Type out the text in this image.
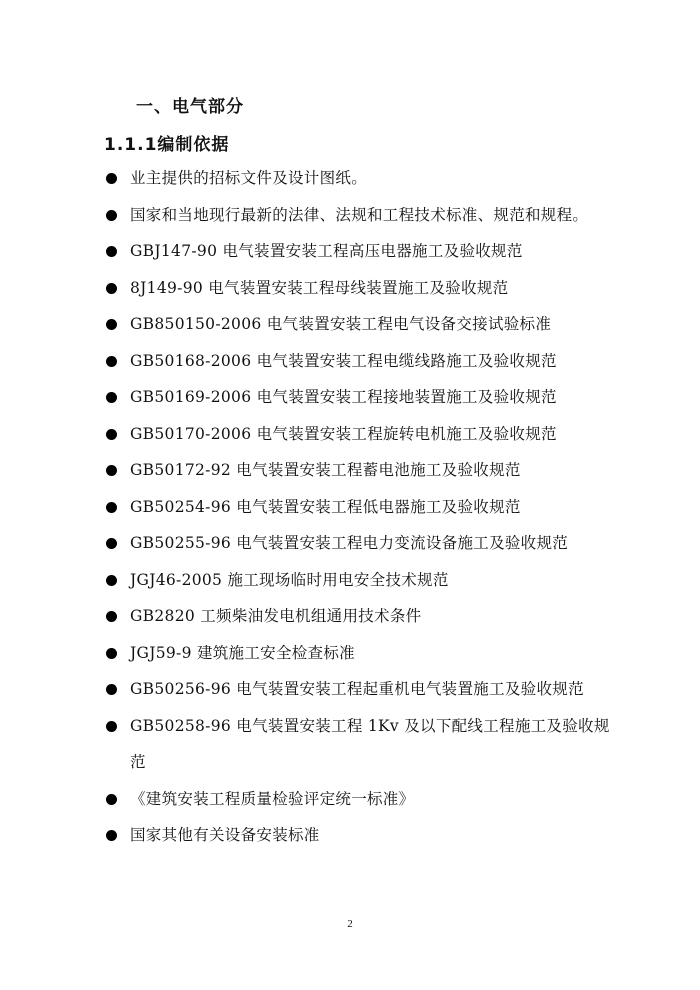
一、电气部分
1.1.1编制依据
业主提供的招标文件及设计图纸。
国家和当地现行最新的法律、法规和工程技术标准、规范和规程。
GBJ147-90 电气装置安装工程高压电器施工及验收规范
8J149-90 电气装置安装工程母线装置施工及验收规范
GB850150-2006 电气装置安装工程电气设备交接试验标准
GB50168-2006 电气装置安装工程电缆线路施工及验收规范
GB50169-2006 电气装置安装工程接地装置施工及验收规范
GB50170-2006 电气装置安装工程旋转电机施工及验收规范
GB50172-92 电气装置安装工程蓄电池施工及验收规范
GB50254-96 电气装置安装工程低电器施工及验收规范
GB50255-96 电气装置安装工程电力变流设备施工及验收规范
JGJ46-2005 施工现场临时用电安全技术规范
GB2820 工频柴油发电机组通用技术条件
JGJ59-9 建筑施工安全检查标准
GB50256-96 电气装置安装工程起重机电气装置施工及验收规范
GB50258-96 电气装置安装工程 1Kv 及以下配线工程施工及验收规范
《建筑安装工程质量检验评定统一标准》
国家其他有关设备安装标准
2
